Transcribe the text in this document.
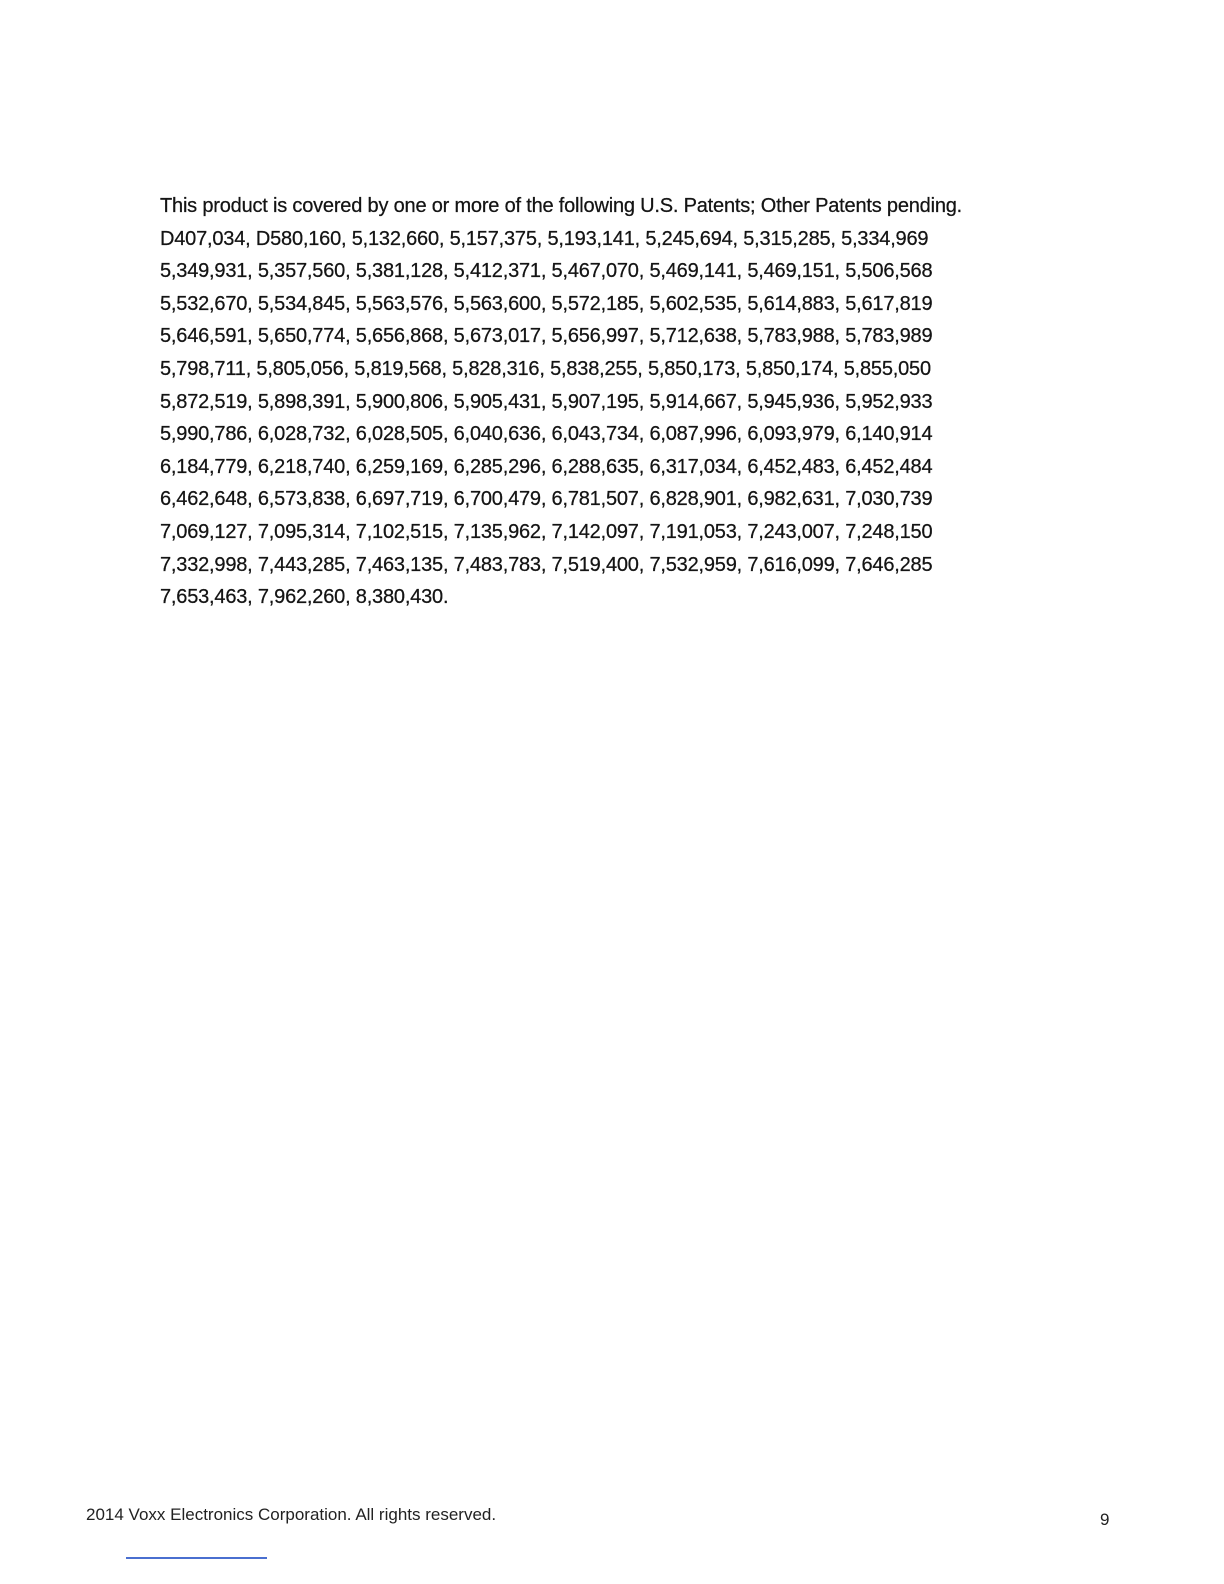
This product is covered by one or more of the following U.S. Patents; Other Patents pending.
D407,034, D580,160, 5,132,660, 5,157,375, 5,193,141, 5,245,694, 5,315,285, 5,334,969
5,349,931, 5,357,560, 5,381,128, 5,412,371, 5,467,070, 5,469,141, 5,469,151, 5,506,568
5,532,670, 5,534,845, 5,563,576, 5,563,600, 5,572,185, 5,602,535, 5,614,883, 5,617,819
5,646,591, 5,650,774, 5,656,868, 5,673,017, 5,656,997, 5,712,638, 5,783,988, 5,783,989
5,798,711, 5,805,056, 5,819,568, 5,828,316, 5,838,255, 5,850,173, 5,850,174, 5,855,050
5,872,519, 5,898,391, 5,900,806, 5,905,431, 5,907,195, 5,914,667, 5,945,936, 5,952,933
5,990,786, 6,028,732, 6,028,505, 6,040,636, 6,043,734, 6,087,996, 6,093,979, 6,140,914
6,184,779, 6,218,740, 6,259,169, 6,285,296, 6,288,635, 6,317,034, 6,452,483, 6,452,484
6,462,648, 6,573,838, 6,697,719, 6,700,479, 6,781,507, 6,828,901, 6,982,631, 7,030,739
7,069,127, 7,095,314, 7,102,515, 7,135,962, 7,142,097, 7,191,053, 7,243,007, 7,248,150
7,332,998, 7,443,285, 7,463,135, 7,483,783, 7,519,400, 7,532,959, 7,616,099, 7,646,285
7,653,463, 7,962,260, 8,380,430.
2014 Voxx Electronics Corporation. All rights reserved.	9
